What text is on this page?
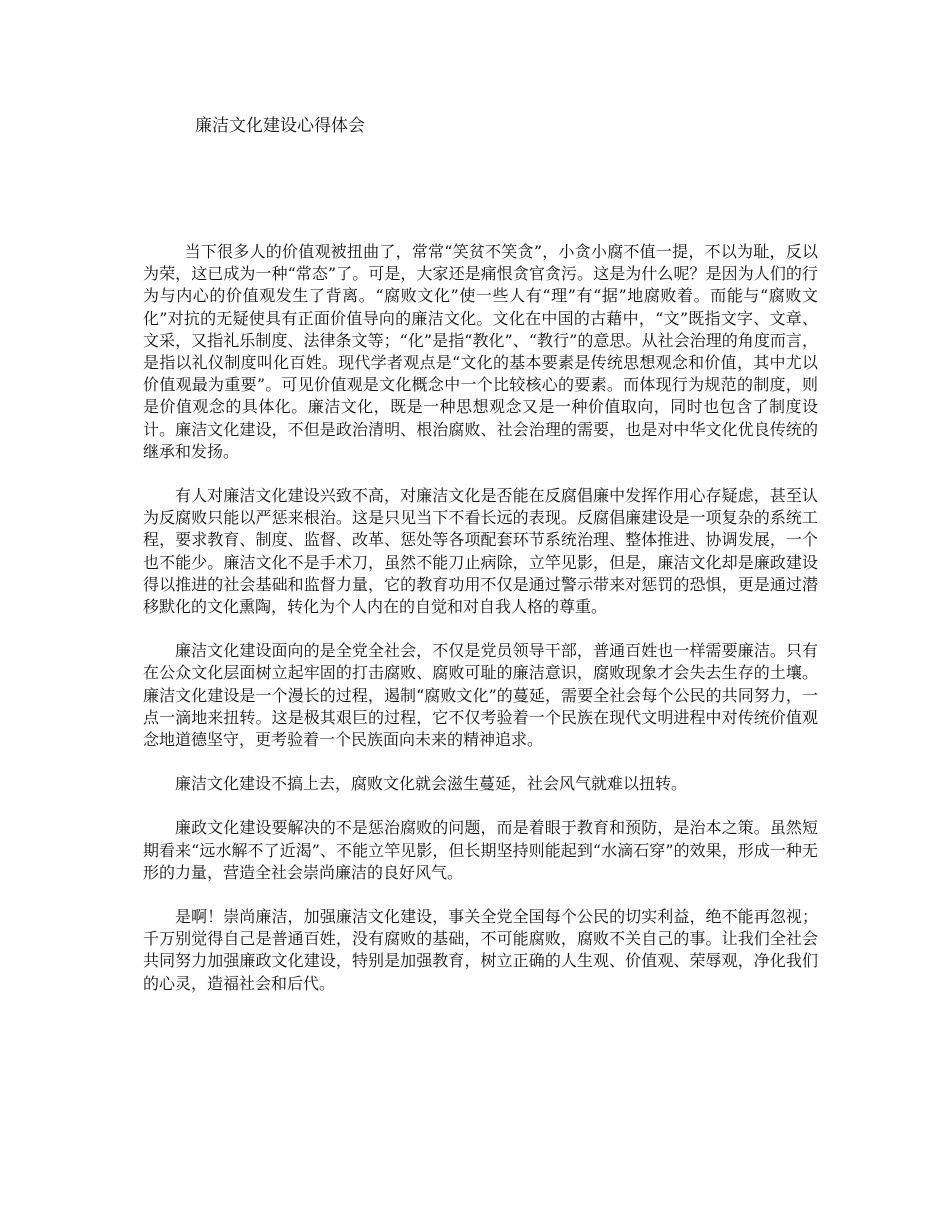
廉洁文化建设心得体会

当下很多人的价值观被扭曲了，常常“笑贫不笑贪”，小贪小腐不值一提，不以为耻，反以为荣，这已成为一种“常态”了。可是，大家还是痛恨贪官贪污。这是为什么呢？是因为人们的行为与内心的价值观发生了背离。“腐败文化”使一些人有“理”有“据”地腐败着。而能与“腐败文化”对抗的无疑使具有正面价值导向的廉洁文化。文化在中国的古藉中，“文”既指文字、文章、文采，又指礼乐制度、法律条文等；“化”是指“教化”、“教行”的意思。从社会治理的角度而言，是指以礼仪制度叫化百姓。现代学者观点是“文化的基本要素是传统思想观念和价值，其中尤以价值观最为重要”。可见价值观是文化概念中一个比较核心的要素。而体现行为规范的制度，则是价值观念的具体化。廉洁文化，既是一种思想观念又是一种价值取向，同时也包含了制度设计。廉洁文化建设，不但是政治清明、根治腐败、社会治理的需要，也是对中华文化优良传统的继承和发扬。

有人对廉洁文化建设兴致不高，对廉洁文化是否能在反腐倡廉中发挥作用心存疑虑，甚至认为反腐败只能以严惩来根治。这是只见当下不看长远的表现。反腐倡廉建设是一项复杂的系统工程，要求教育、制度、监督、改革、惩处等各项配套环节系统治理、整体推进、协调发展，一个也不能少。廉洁文化不是手术刀，虽然不能刀止病除，立竿见影，但是，廉洁文化却是廉政建设得以推进的社会基础和监督力量，它的教育功用不仅是通过警示带来对惩罚的恐惧，更是通过潜移默化的文化熏陶，转化为个人内在的自觉和对自我人格的尊重。

廉洁文化建设面向的是全党全社会，不仅是党员领导干部，普通百姓也一样需要廉洁。只有在公众文化层面树立起牢固的打击腐败、腐败可耻的廉洁意识，腐败现象才会失去生存的土壤。廉洁文化建设是一个漫长的过程，遏制“腐败文化”的蔓延，需要全社会每个公民的共同努力，一点一滴地来扭转。这是极其艰巨的过程，它不仅考验着一个民族在现代文明进程中对传统价值观念地道德坚守，更考验着一个民族面向未来的精神追求。

廉洁文化建设不搞上去，腐败文化就会滋生蔓延，社会风气就难以扭转。

廉政文化建设要解决的不是惩治腐败的问题，而是着眼于教育和预防，是治本之策。虽然短期看来“远水解不了近渴”、不能立竿见影，但长期坚持则能起到“水滴石穿”的效果，形成一种无形的力量，营造全社会崇尚廉洁的良好风气。

是啊！崇尚廉洁，加强廉洁文化建设，事关全党全国每个公民的切实利益，绝不能再忽视；千万别觉得自己是普通百姓，没有腐败的基础，不可能腐败，腐败不关自己的事。让我们全社会共同努力加强廉政文化建设，特别是加强教育，树立正确的人生观、价值观、荣辱观，净化我们的心灵，造福社会和后代。
